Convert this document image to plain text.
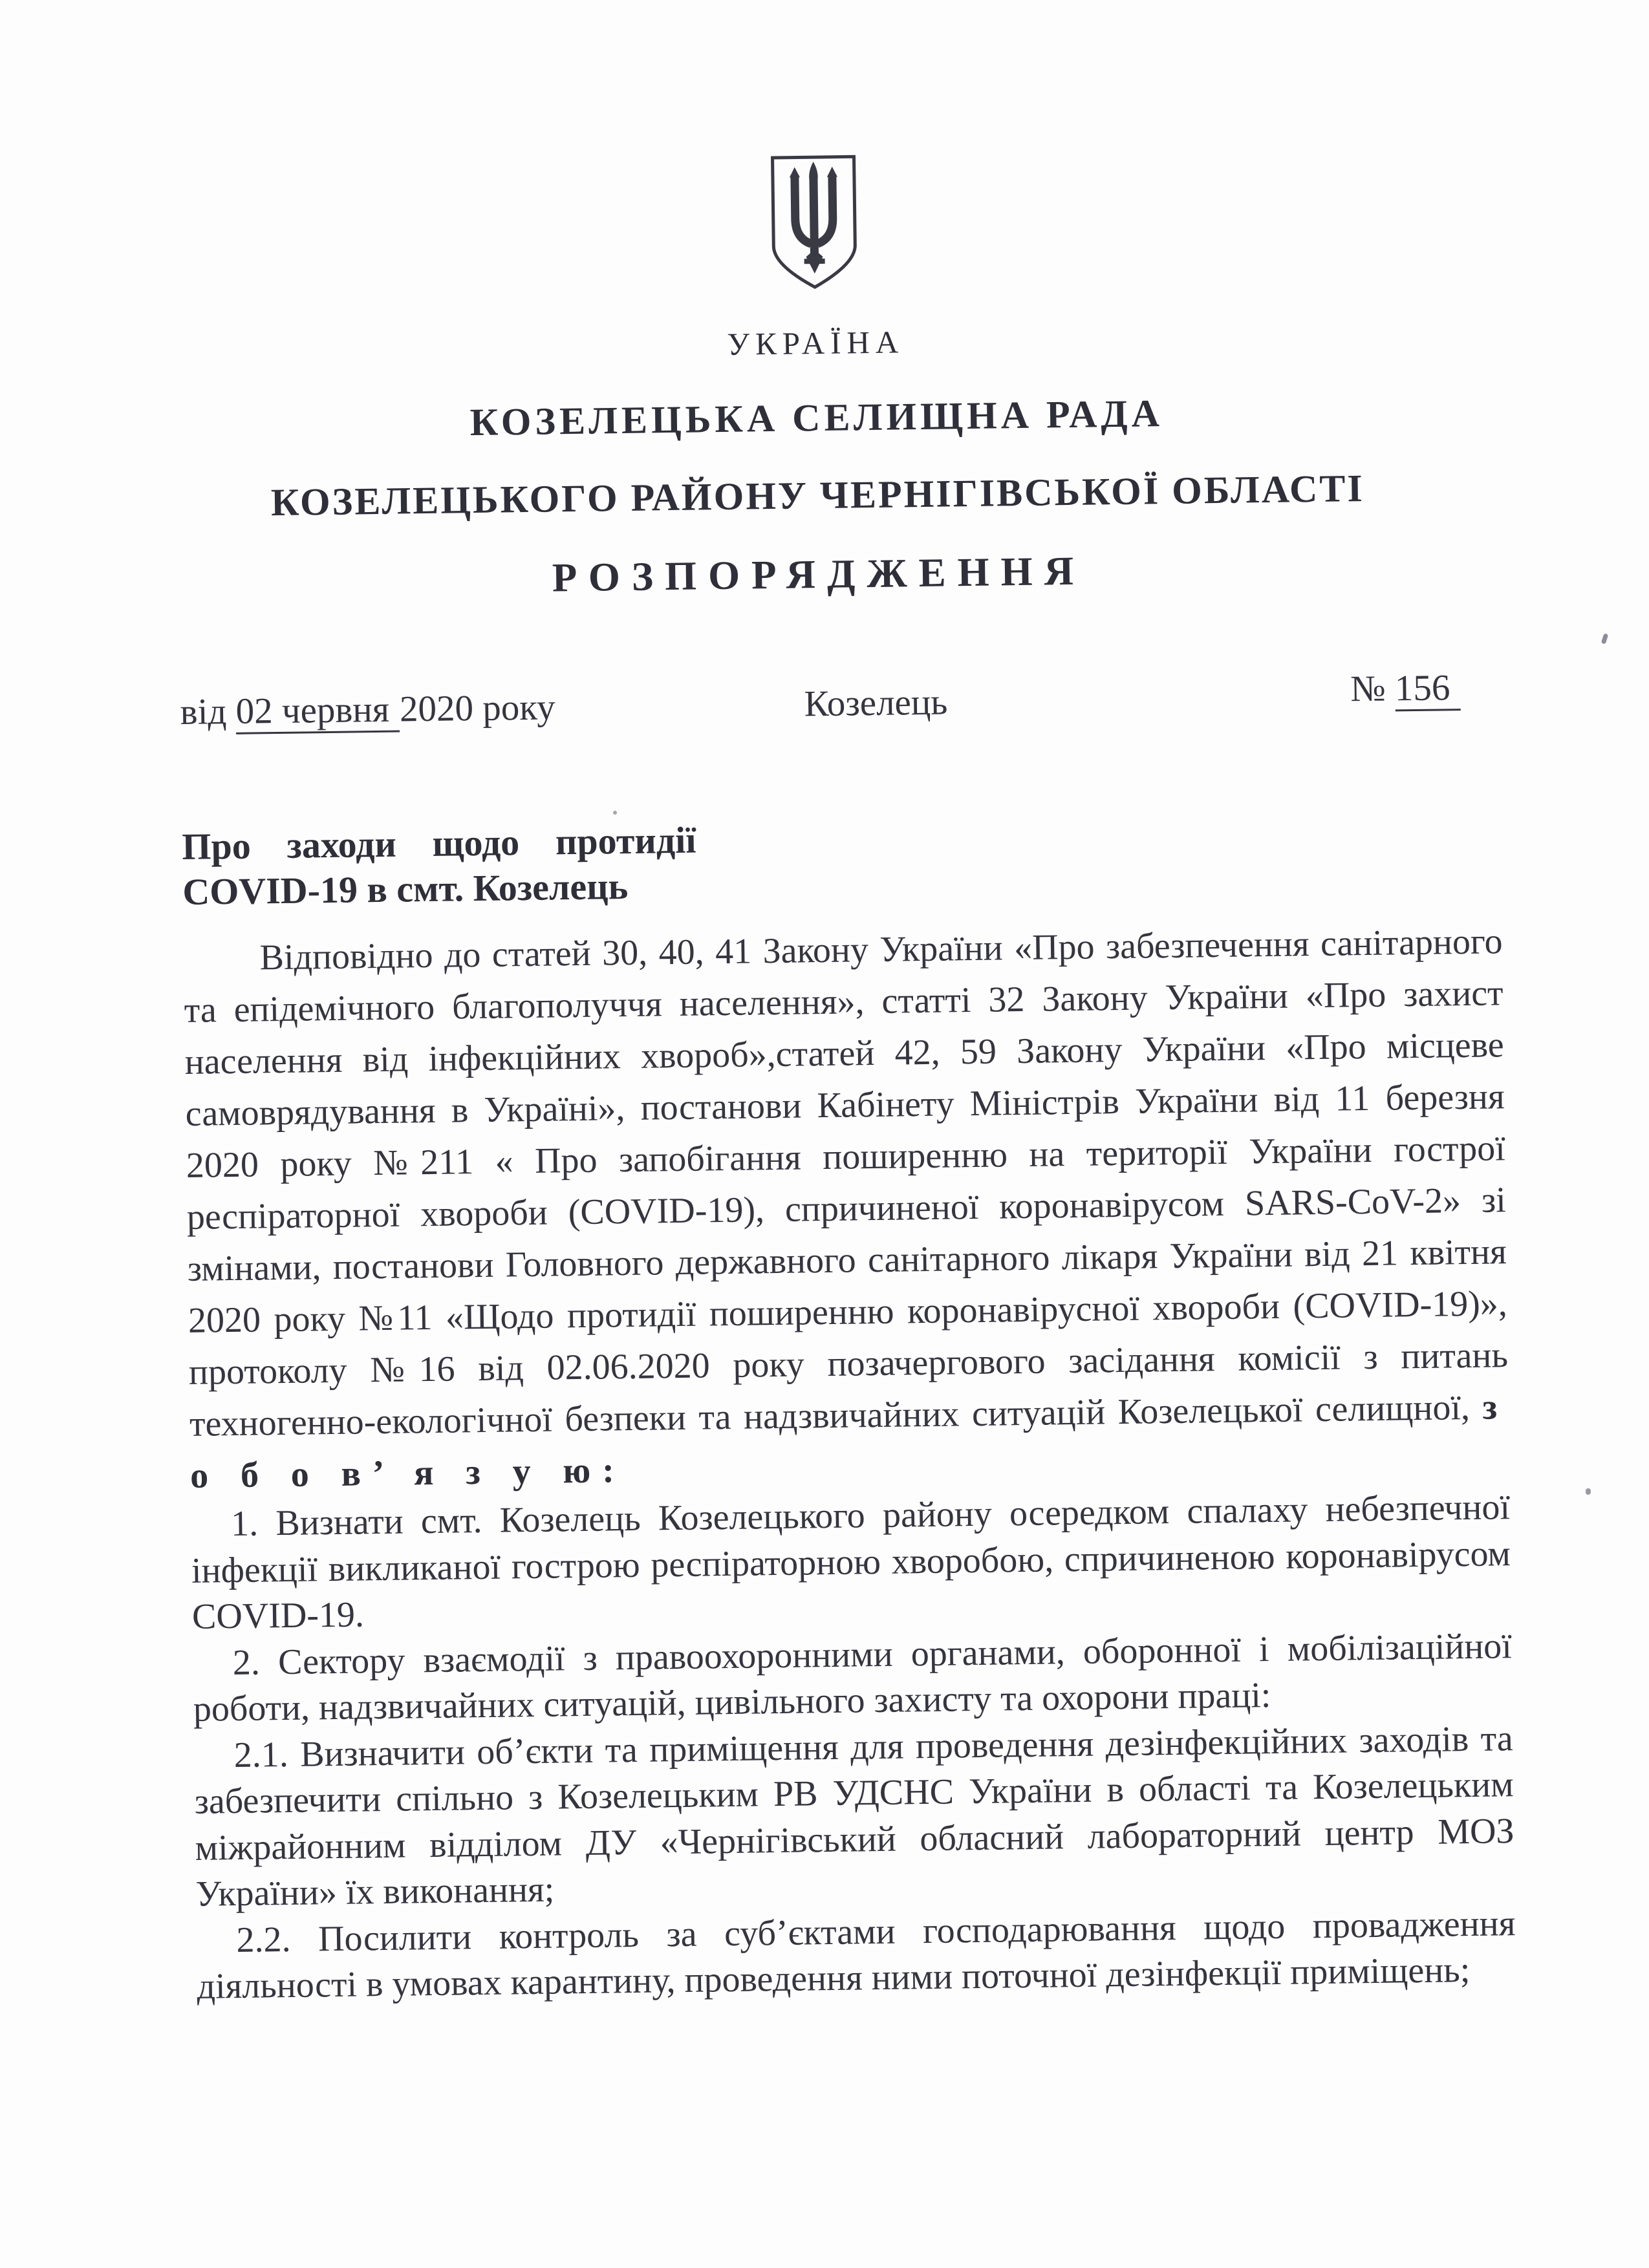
УКРАЇНА
КОЗЕЛЕЦЬКА СЕЛИЩНА РАДА
КОЗЕЛЕЦЬКОГО РАЙОНУ ЧЕРНІГІВСЬКОЇ ОБЛАСТІ
РОЗПОРЯДЖЕННЯ
від 02 червня 2020 року	Козелець	№ 156
Про заходи щодо протидії
COVID-19 в смт. Козелець

Відповідно до статей 30, 40, 41 Закону України «Про забезпечення санітарного та епідемічного благополуччя населення», статті 32 Закону України «Про захист населення від інфекційних хвороб»,статей 42, 59 Закону України «Про місцеве самоврядування в Україні», постанови Кабінету Міністрів України від 11 березня 2020 року №211 « Про запобігання поширенню на території України гострої респіраторної хвороби (COVID-19), спричиненої коронавірусом SARS-CoV-2» зі змінами, постанови Головного державного санітарного лікаря України від 21 квітня 2020 року №11 «Щодо протидії поширенню коронавірусної хвороби (COVID-19)», протоколу №16 від 02.06.2020 року позачергового засідання комісії з питань техногенно-екологічної безпеки та надзвичайних ситуацій Козелецької селищної, з о б о в’ я з у ю:

1. Визнати смт. Козелець Козелецького району осередком спалаху небезпечної інфекції викликаної гострою респіраторною хворобою, спричиненою коронавірусом COVID-19.

2. Сектору взаємодії з правоохоронними органами, оборонної і мобілізаційної роботи, надзвичайних ситуацій, цивільного захисту та охорони праці:

2.1. Визначити об’єкти та приміщення для проведення дезінфекційних заходів та забезпечити спільно з Козелецьким РВ УДСНС України в області та Козелецьким міжрайонним відділом ДУ «Чернігівський обласний лабораторний центр МОЗ України» їх виконання;

2.2. Посилити контроль за суб’єктами господарювання щодо провадження діяльності в умовах карантину, проведення ними поточної дезінфекції приміщень;
